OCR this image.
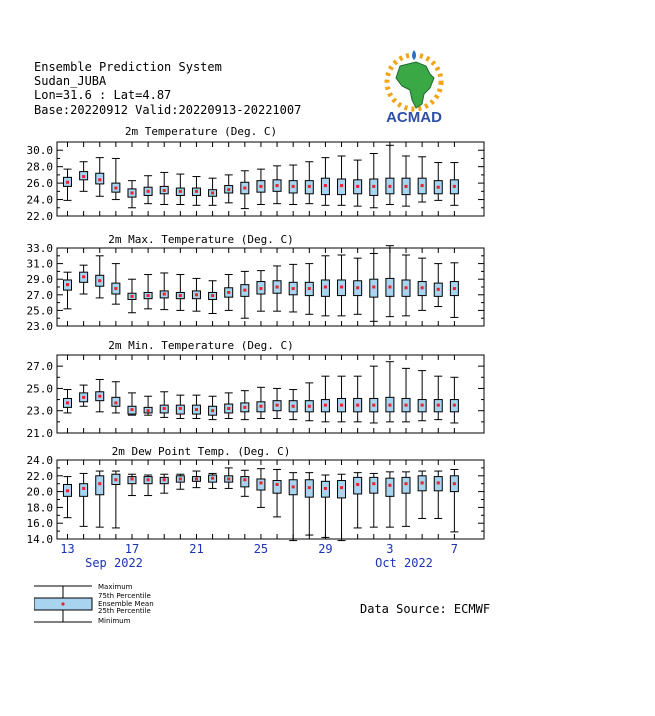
Ensemble Prediction System
Sudan_JUBA
Lon=31.6 : Lat=4.87
Base:20220912 Valid:20220913-20221007	ACMAD
2m Temperature (Deg. C)
30.0
28.0
26.0
24.0
22.0
2m Max. Temperature (Deg. C)
33.0
31.0
29.0
27.0
25.0
23.0
2m Min. Temperature (Deg. C)
27.0
25.0
23.0
21.0
2m Dew Point Temp. (Deg. C)
24.0
22.0
20.0
18.0
16.0
14.0
13	17	21	25	29	3	7
Sep 2022	Oct 2022
Maximum
75th Percentile
Ensemble Mean
25th Percentile
Minimum
Data Source: ECMWF
